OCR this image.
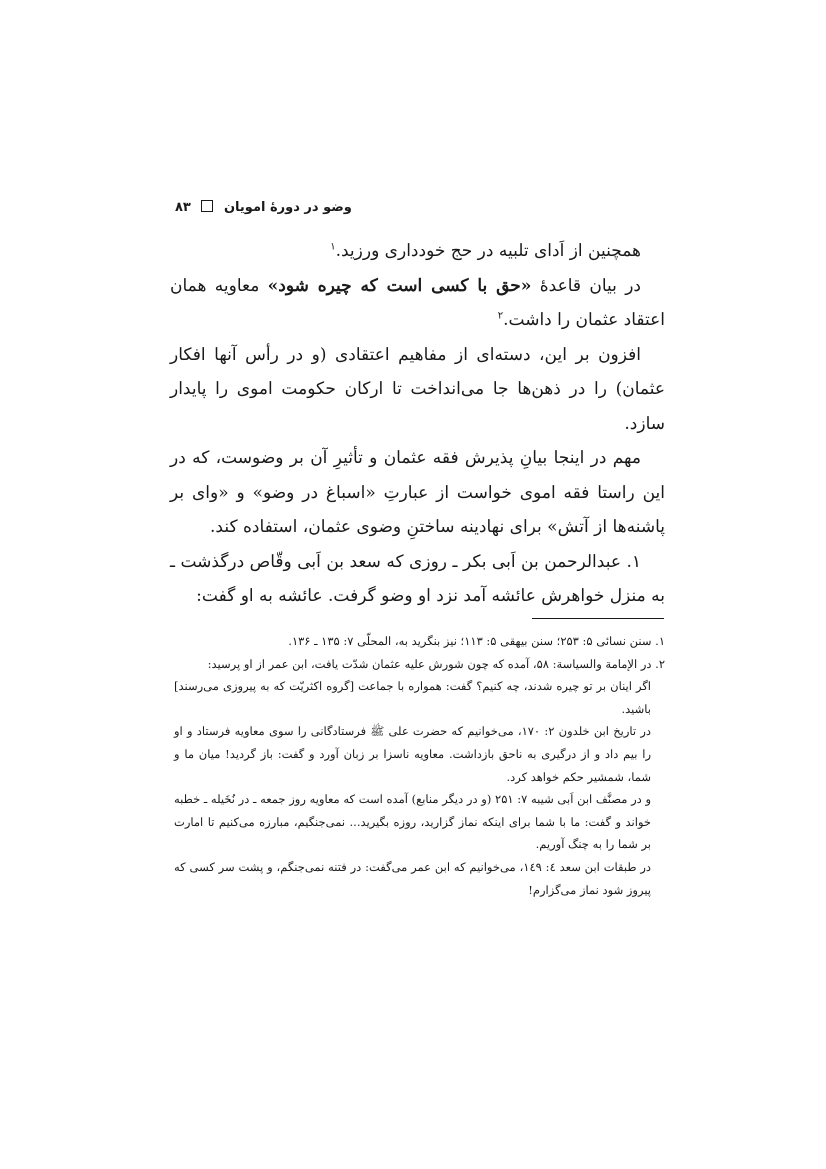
وضو در دورهٔ امویان  ۸۳

همچنین از اَدای تلبیه در حج خودداری ورزید.$^۱$

در بیان قاعدهٔ «حق با کسی است که چیره شود» معاویه همان اعتقاد عثمان را داشت.$^۲$

افزون بر این، دسته‌ای از مفاهیم اعتقادی (و در رأس آنها افکار عثمان) را در ذهن‌ها جا می‌انداخت تا ارکان حکومت اموی را پایدار سازد.

مهم در اینجا بیانِ پذیرش فقه عثمان و تأثیرِ آن بر وضوست، که در این راستا فقه اموی خواست از عبارتِ «اسباغ در وضو» و «وای بر پاشنه‌ها از آتش» برای نهادینه ساختنِ وضوی عثمان، استفاده کند.

۱. عبدالرحمن بن اَبی بکر ـ روزی که سعد بن اَبی وقّاص درگذشت ـ به منزل خواهرش عائشه آمد نزد او وضو گرفت. عائشه به او گفت:

۱. سنن نسائی ۵: ۲۵۳؛ سنن بیهقی ۵: ۱۱۳؛ نیز بنگرید به، المحلّی ۷: ۱۳۵ ـ ۱۳۶.

۲. در الإمامة والسیاسة: ۵۸، آمده که چون شورش علیه عثمان شدّت یافت، ابن عمر از او پرسید:

اگر اینان بر تو چیره شدند، چه کنیم؟ گفت: همواره با جماعت [گروه اکثریّت که به پیروزی می‌رسند] باشید.

در تاریخ ابن خلدون ۲: ۱۷۰، می‌خوانیم که حضرت علی ﷺ فرستادگانی را سوی معاویه فرستاد و او را بیم داد و از درگیری به ناحق بازداشت. معاویه ناسزا بر زبان آورد و گفت: باز گردید! میان ما و شما، شمشیر حکم خواهد کرد.

و در مصنَّف ابن اَبی شیبه ۷: ۲۵۱ (و در دیگر منابع) آمده است که معاویه روز جمعه ـ در نُخَیله ـ خطبه خواند و گفت: ما با شما برای اینکه نماز گزارید، روزه بگیرید... نمی‌جنگیم، مبارزه می‌کنیم تا امارت بر شما را به چنگ آوریم.

در طبقات ابن سعد ٤: ۱٤۹، می‌خوانیم که ابن عمر می‌گفت: در فتنه نمی‌جنگم، و پشت سر کسی که پیروز شود نماز می‌گزارم!
